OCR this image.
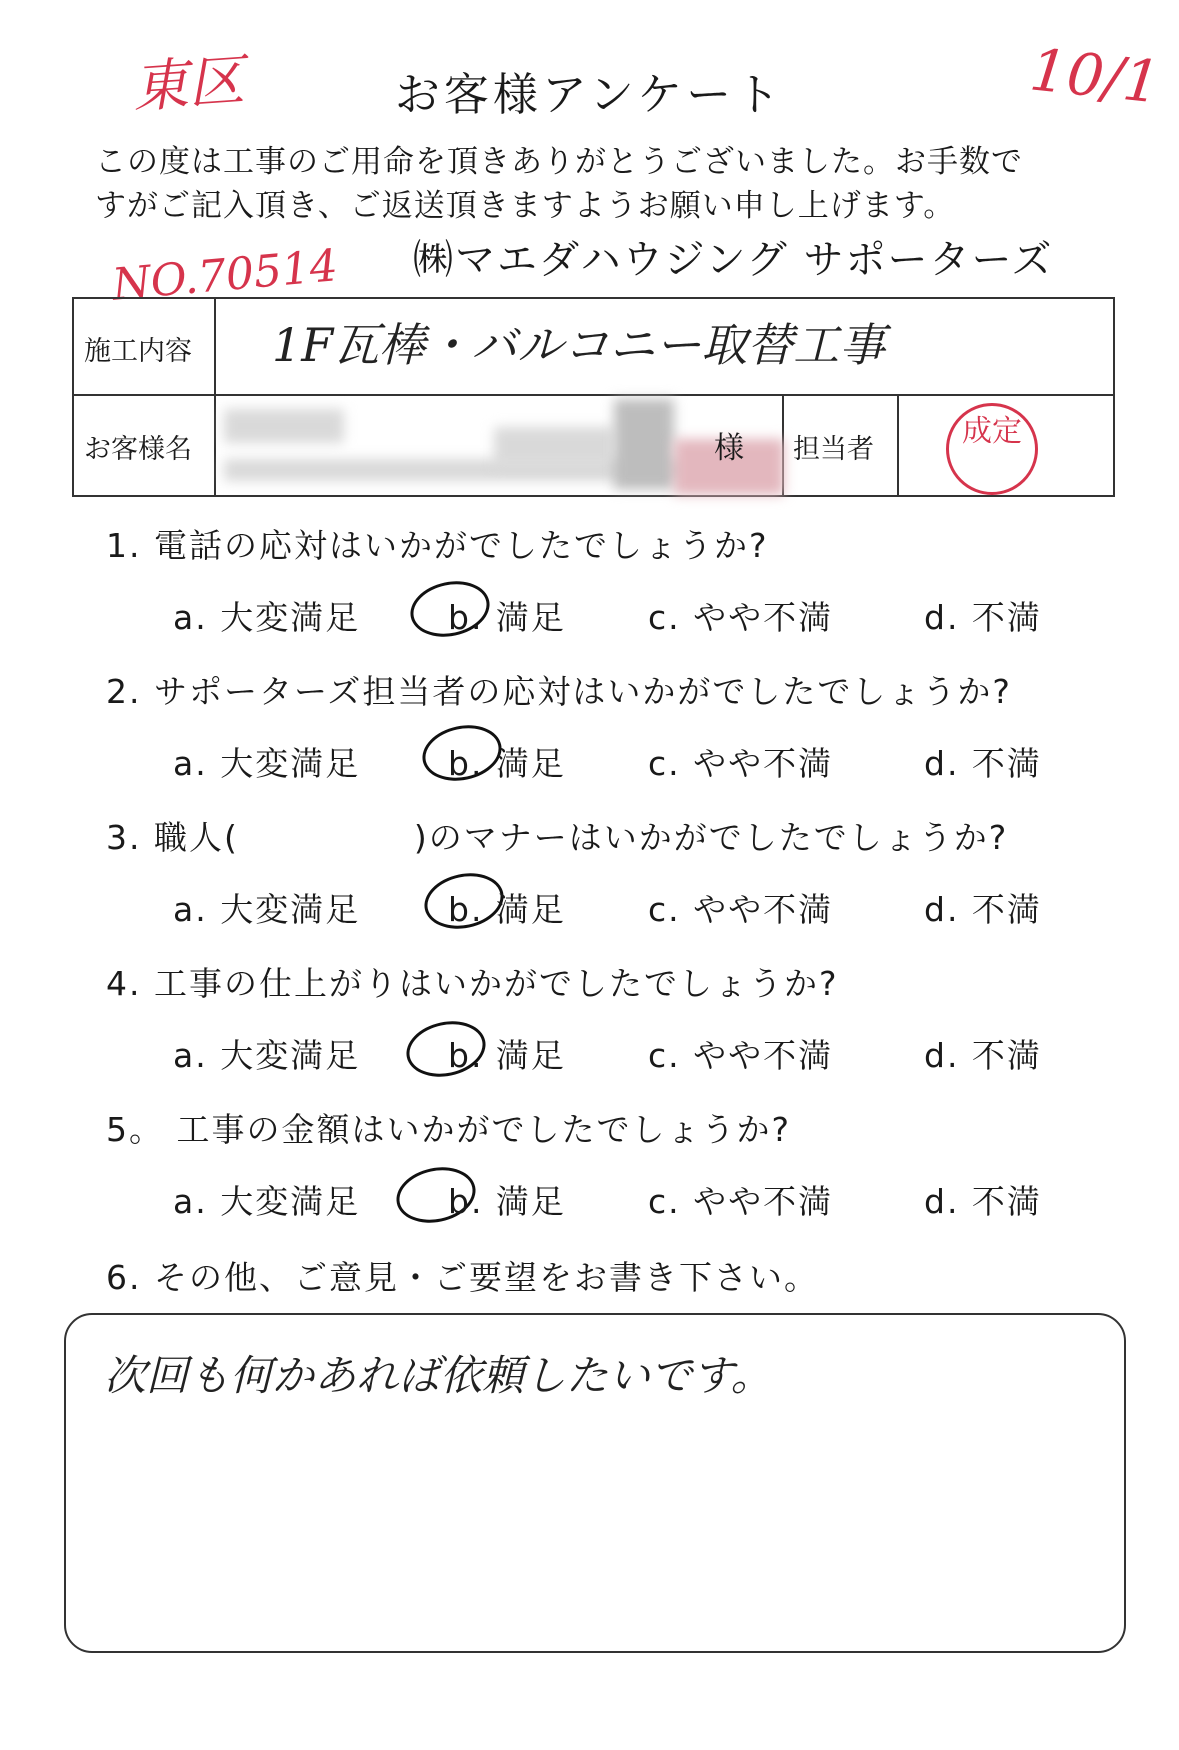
東区	お客様アンケート	10/1
この度は工事のご用命を頂きありがとうございました。お手数で
すがご記入頂き、ご返送頂きますようお願い申し上げます。
NO.70514 ㈱マエダハウジング サポーターズ
施工内容 1F瓦棒・バルコニー取替工事
お客様名	様 担当者
成定
1. 電話の応対はいかがでしたでしょうか?
a. 大変満足	b. 満足 c. やや不満	d. 不満
2. サポーターズ担当者の応対はいかがでしたでしょうか?
a. 大変満足	b. 満足 c. やや不満	d. 不満
3. 職人(　　　　　)のマナーはいかがでしたでしょうか?
a. 大変満足	b. 満足 c. やや不満	d. 不満
4. 工事の仕上がりはいかがでしたでしょうか?
a. 大変満足	b. 満足 c. やや不満	d. 不満
5。 工事の金額はいかがでしたでしょうか?
a. 大変満足	b. 満足 c. やや不満	d. 不満
6. その他、ご意見・ご要望をお書き下さい。
次回も何かあれば依頼したいです。
